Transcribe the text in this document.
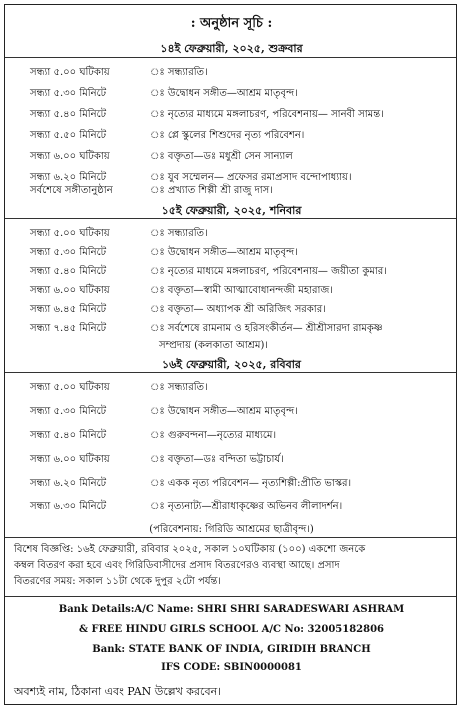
: অনুষ্ঠান সূচি :
১৪ই ফেব্রুয়ারী, ২০২৫, শুক্রবার
সন্ধ্যা ৫.০০ ঘটিকায়	ঃ সন্ধ্যারতি।
সন্ধ্যা ৫.৩০ মিনিটে	ঃ উদ্বোধন সঙ্গীত—আশ্রম মাতৃবৃন্দ।
সন্ধ্যা ৫.৪০ মিনিটে	ঃ নৃত্যের মাধ্যমে মঙ্গলাচরণ, পরিবেশনায়— সানবী সামন্ত।
সন্ধ্যা ৫.৫০ মিনিটে	ঃ প্লে স্কুলের শিশুদের নৃত্য পরিবেশন।
সন্ধ্যা ৬.০০ ঘটিকায়	ঃ বক্তৃতা—ডঃ মধুশ্রী সেন সান্যাল
সন্ধ্যা ৬.২০ মিনিটে	ঃ যুব সম্মেলন— প্রফেসর রমাপ্রসাদ বন্দোপাধ্যায়।
সর্বশেষে সঙ্গীতানুষ্ঠান	ঃ প্রখ্যাত শিল্পী শ্রী রাজু দাস।
১৫ই ফেব্রুয়ারী, ২০২৫, শনিবার
সন্ধ্যা ৫.০০ ঘটিকায়	ঃ সন্ধ্যারতি।
সন্ধ্যা ৫.৩০ মিনিটে	ঃ উদ্বোধন সঙ্গীত—আশ্রম মাতৃবৃন্দ।
সন্ধ্যা ৫.৪০ মিনিটে	ঃ নৃত্যের মাধ্যমে মঙ্গলাচরণ, পরিবেশনায়— জয়ীতা কুমার।
সন্ধ্যা ৬.০০ ঘটিকায়	ঃ বক্তৃতা—স্বামী আত্মাবোধানন্দজী মহারাজ।
সন্ধ্যা ৬.৪৫ মিনিটে	ঃ বক্তৃতা— অধ্যাপক শ্রী অরিজিৎ সরকার।
সন্ধ্যা ৭.৪৫ মিনিটে	ঃ সর্বশেষে রামনাম ও হরিসংকীর্তন— শ্রীশ্রীসারদা রামকৃষ্ণ
সম্প্রদায় (কলকাতা আশ্রম)।
১৬ই ফেব্রুয়ারী, ২০২৫, রবিবার
সন্ধ্যা ৫.০০ ঘটিকায়	ঃ সন্ধ্যারতি।
সন্ধ্যা ৫.৩০ মিনিটে	ঃ উদ্বোধন সঙ্গীত—আশ্রম মাতৃবৃন্দ।
সন্ধ্যা ৫.৪০ মিনিটে	ঃ গুরুবন্দনা—নৃত্যের মাধ্যমে।
সন্ধ্যা ৬.০০ ঘটিকায়	ঃ বক্তৃতা—ডঃ বন্দিতা ভট্টাচার্য।
সন্ধ্যা ৬.২০ মিনিটে	ঃ একক নৃত্য পরিবেশন— নৃত্যশিল্পী:প্রীতি ভাস্কর।
সন্ধ্যা ৬.৩০ মিনিটে	ঃ নৃত্যনাট্য—শ্রীরাধাকৃষ্ণের অভিনব লীলাদর্শন।
(পরিবেশনায়: গিরিডি আশ্রমের ছাত্রীবৃন্দ।)
বিশেষ বিজ্ঞপ্তি: ১৬ই ফেব্রুয়ারী, রবিবার ২০২৫, সকাল ১০ঘটিকায় (১০০) একশো জনকে
কম্বল বিতরণ করা হবে এবং গিরিডিবাসীদের প্রসাদ বিতরণেরও ব্যবস্থা আছে। প্রসাদ
বিতরণের সময়: সকাল ১১টা থেকে দুপুর ২টো পর্যন্ত।
Bank Details:A/C Name: SHRI SHRI SARADESWARI ASHRAM
& FREE HINDU GIRLS SCHOOL A/C No: 32005182806
Bank: STATE BANK OF INDIA, GIRIDIH BRANCH
IFS CODE: SBIN0000081
অবশ্যই নাম, ঠিকানা এবং PAN উল্লেখ করবেন।
